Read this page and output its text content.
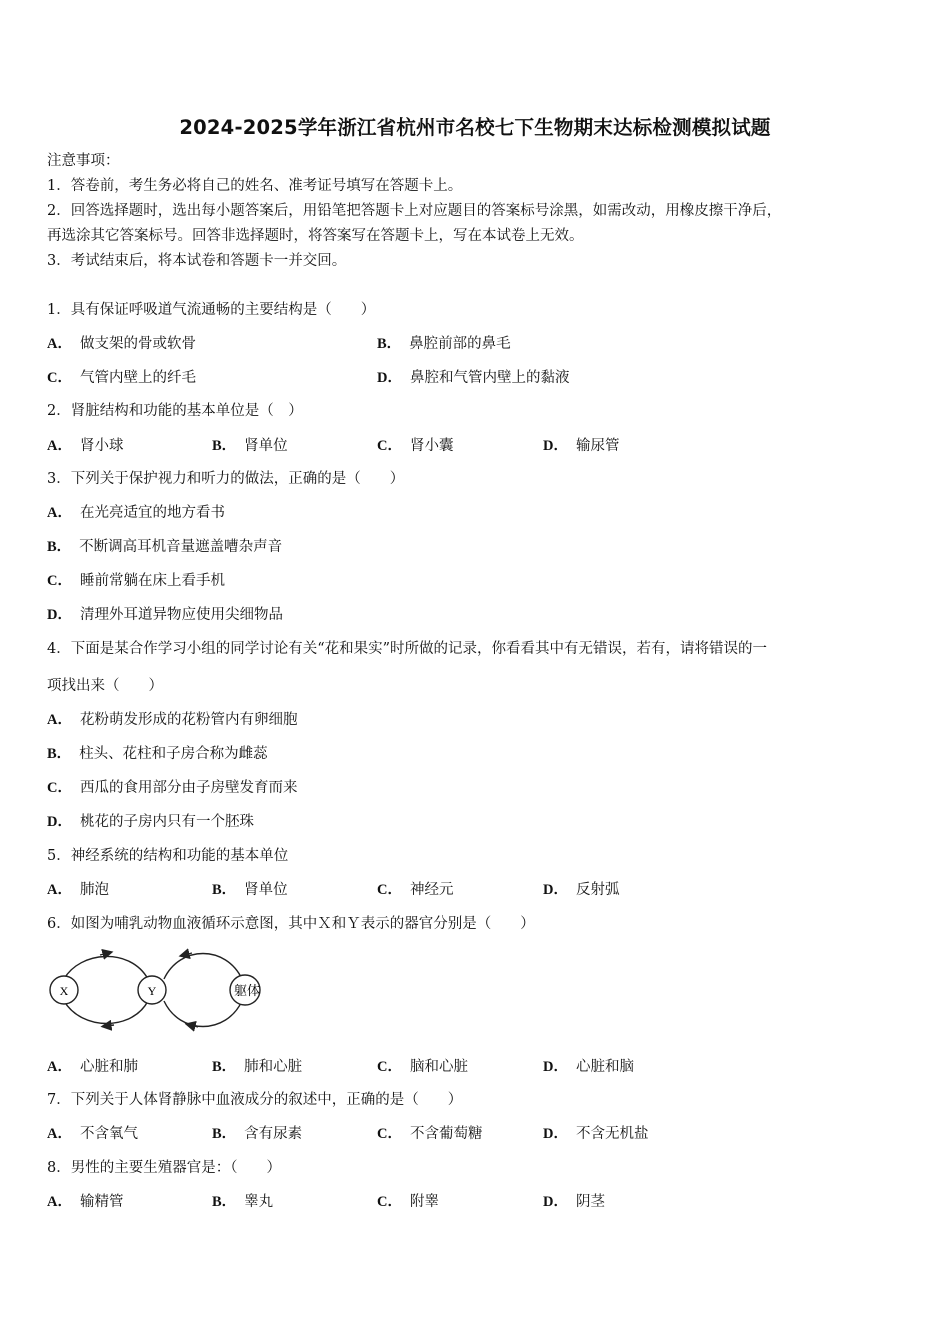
2024-2025学年浙江省杭州市名校七下生物期末达标检测模拟试题
注意事项：
1．答卷前，考生务必将自己的姓名、准考证号填写在答题卡上。
2．回答选择题时，选出每小题答案后，用铅笔把答题卡上对应题目的答案标号涂黑，如需改动，用橡皮擦干净后，
再选涂其它答案标号。回答非选择题时，将答案写在答题卡上，写在本试卷上无效。
3．考试结束后，将本试卷和答题卡一并交回。
1．具有保证呼吸道气流通畅的主要结构是（　　）
A． 做支架的骨或软骨	B． 鼻腔前部的鼻毛
C． 气管内壁上的纤毛	D． 鼻腔和气管内壁上的黏液
2．肾脏结构和功能的基本单位是（　）
A． 肾小球	B． 肾单位	C． 肾小囊	D． 输尿管
3．下列关于保护视力和听力的做法，正确的是（　　）
A． 在光亮适宜的地方看书
B． 不断调高耳机音量遮盖嘈杂声音
C． 睡前常躺在床上看手机
D． 清理外耳道异物应使用尖细物品
4．下面是某合作学习小组的同学讨论有关“花和果实”时所做的记录，你看看其中有无错误，若有，请将错误的一
项找出来（　　）
A． 花粉萌发形成的花粉管内有卵细胞
B． 柱头、花柱和子房合称为雌蕊
C． 西瓜的食用部分由子房壁发育而来
D． 桃花的子房内只有一个胚珠
5．神经系统的结构和功能的基本单位
A． 肺泡	B． 肾单位	C． 神经元	D． 反射弧
6．如图为哺乳动物血液循环示意图，其中Ｘ和Ｙ表示的器官分别是（　　）
X	Y	躯体
A． 心脏和肺	B． 肺和心脏	C． 脑和心脏	D． 心脏和脑
7．下列关于人体肾静脉中血液成分的叙述中，正确的是（　　）
A． 不含氧气	B． 含有尿素	C． 不含葡萄糖	D． 不含无机盐
8．男性的主要生殖器官是：（　　）
A． 输精管	B． 睾丸	C． 附睾	D． 阴茎
